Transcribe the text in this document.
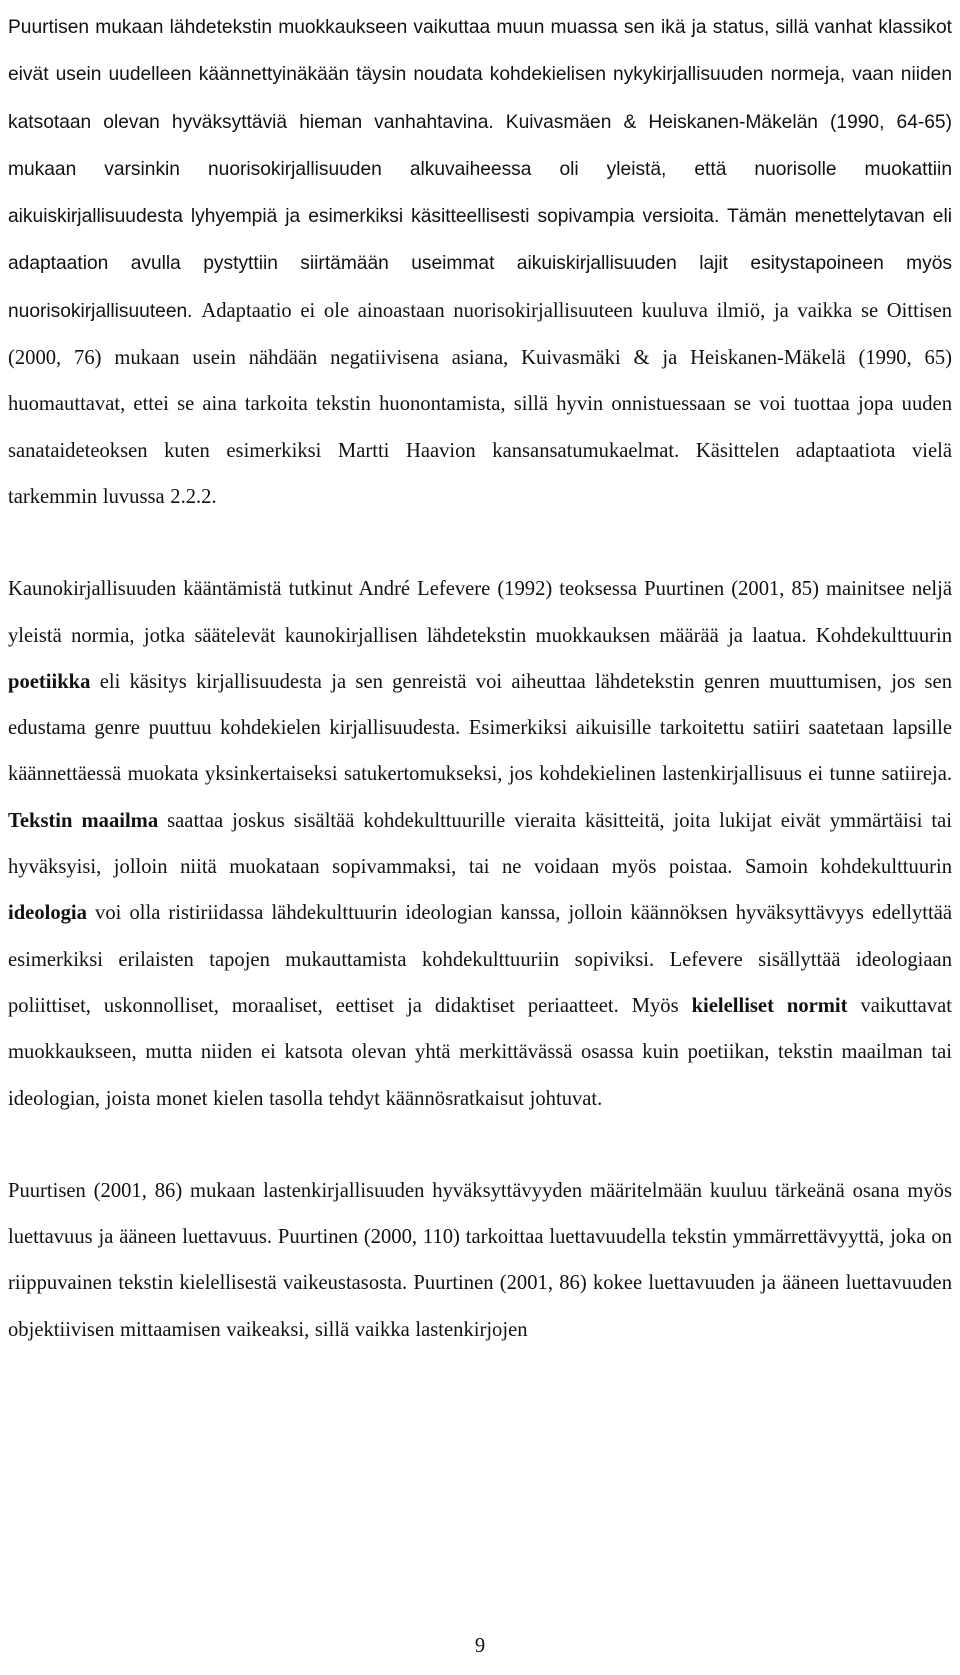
Puurtisen mukaan lähdetekstin muokkaukseen vaikuttaa muun muassa sen ikä ja status, sillä vanhat klassikot eivät usein uudelleen käännettyinäkään täysin noudata kohdekielisen nykykirjallisuuden normeja, vaan niiden katsotaan olevan hyväksyttäviä hieman vanhahtavina. Kuivasmäen & Heiskanen-Mäkelän (1990, 64-65) mukaan varsinkin nuorisokirjallisuuden alkuvaiheessa oli yleistä, että nuorisolle muokattiin aikuiskirjallisuudesta lyhyempiä ja esimerkiksi käsitteellisesti sopivampia versioita. Tämän menettelytavan eli adaptaation avulla pystyttiin siirtämään useimmat aikuiskirjallisuuden lajit esitystapoineen myös nuorisokirjallisuuteen. Adaptaatio ei ole ainoastaan nuorisokirjallisuuteen kuuluva ilmiö, ja vaikka se Oittisen (2000, 76) mukaan usein nähdään negatiivisena asiana, Kuivasmäki & ja Heiskanen-Mäkelä (1990, 65) huomauttavat, ettei se aina tarkoita tekstin huonontamista, sillä hyvin onnistuessaan se voi tuottaa jopa uuden sanataideteoksen kuten esimerkiksi Martti Haavion kansansatumukaelmat. Käsittelen adaptaatiota vielä tarkemmin luvussa 2.2.2.

Kaunokirjallisuuden kääntämistä tutkinut André Lefevere (1992) teoksessa Puurtinen (2001, 85) mainitsee neljä yleistä normia, jotka säätelevät kaunokirjallisen lähdetekstin muokkauksen määrää ja laatua. Kohdekulttuurin poetiikka eli käsitys kirjallisuudesta ja sen genreistä voi aiheuttaa lähdetekstin genren muuttumisen, jos sen edustama genre puuttuu kohdekielen kirjallisuudesta. Esimerkiksi aikuisille tarkoitettu satiiri saatetaan lapsille käännettäessä muokata yksinkertaiseksi satukertomukseksi, jos kohdekielinen lastenkirjallisuus ei tunne satiireja. Tekstin maailma saattaa joskus sisältää kohdekulttuurille vieraita käsitteitä, joita lukijat eivät ymmärtäisi tai hyväksyisi, jolloin niitä muokataan sopivammaksi, tai ne voidaan myös poistaa. Samoin kohdekulttuurin ideologia voi olla ristiriidassa lähdekulttuurin ideologian kanssa, jolloin käännöksen hyväksyttävyys edellyttää esimerkiksi erilaisten tapojen mukauttamista kohdekulttuuriin sopiviksi. Lefevere sisällyttää ideologiaan poliittiset, uskonnolliset, moraaliset, eettiset ja didaktiset periaatteet. Myös kielelliset normit vaikuttavat muokkaukseen, mutta niiden ei katsota olevan yhtä merkittävässä osassa kuin poetiikan, tekstin maailman tai ideologian, joista monet kielen tasolla tehdyt käännösratkaisut johtuvat.

Puurtisen (2001, 86) mukaan lastenkirjallisuuden hyväksyttävyyden määritelmään kuuluu tärkeänä osana myös luettavuus ja ääneen luettavuus. Puurtinen (2000, 110) tarkoittaa luettavuudella tekstin ymmärrettävyyttä, joka on riippuvainen tekstin kielellisestä vaikeustasosta. Puurtinen (2001, 86) kokee luettavuuden ja ääneen luettavuuden objektiivisen mittaamisen vaikeaksi, sillä vaikka lastenkirjojen

9
